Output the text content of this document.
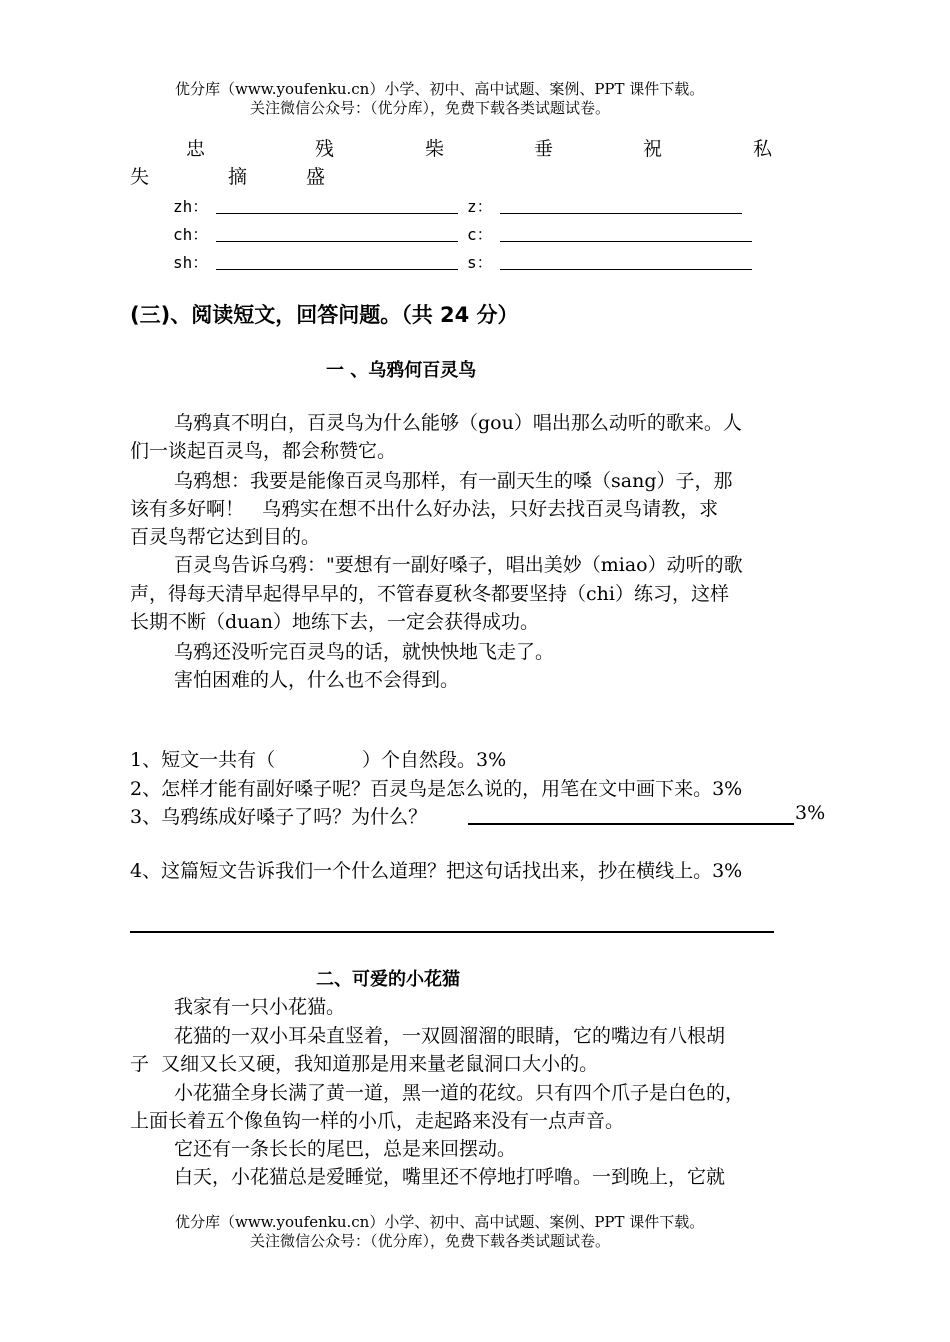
优分库（www.youfenku.cn）小学、初中、高中试题、案例、PPT 课件下载。
关注微信公众号：（优分库），免费下载各类试题试卷。
忠	残	柴	垂	祝	私
失	摘	盛
zh：	z：
ch：	c：
sh：	s：
(三)、阅读短文，回答问题。（共 24 分）
一 、乌鸦何百灵鸟
乌鸦真不明白，百灵鸟为什么能够（gou）唱出那么动听的歌来。人
们一谈起百灵鸟，都会称赞它。
乌鸦想：我要是能像百灵鸟那样，有一副天生的嗓（sang）子，那
该有多好啊！   乌鸦实在想不出什么好办法，只好去找百灵鸟请教，求
百灵鸟帮它达到目的。
百灵鸟告诉乌鸦："要想有一副好嗓子，唱出美妙（miao）动听的歌
声，得每天清早起得早早的，不管春夏秋冬都要坚持（chi）练习，这样
长期不断（duan）地练下去，一定会获得成功。
乌鸦还没听完百灵鸟的话，就怏怏地飞走了。
害怕困难的人，什么也不会得到。
1、短文一共有（	）个自然段。3%
2、怎样才能有副好嗓子呢？百灵鸟是怎么说的，用笔在文中画下来。3%
3、乌鸦练成好嗓子了吗？为什么？	3%
4、这篇短文告诉我们一个什么道理？把这句话找出来，抄在横线上。3%
二、可爱的小花猫
我家有一只小花猫。
花猫的一双小耳朵直竖着，一双圆溜溜的眼睛，它的嘴边有八根胡
子  又细又长又硬，我知道那是用来量老鼠洞口大小的。
小花猫全身长满了黄一道，黑一道的花纹。只有四个爪子是白色的，
上面长着五个像鱼钩一样的小爪，走起路来没有一点声音。
它还有一条长长的尾巴，总是来回摆动。
白天，小花猫总是爱睡觉，嘴里还不停地打呼噜。一到晚上，它就
优分库（www.youfenku.cn）小学、初中、高中试题、案例、PPT 课件下载。
关注微信公众号：（优分库），免费下载各类试题试卷。
